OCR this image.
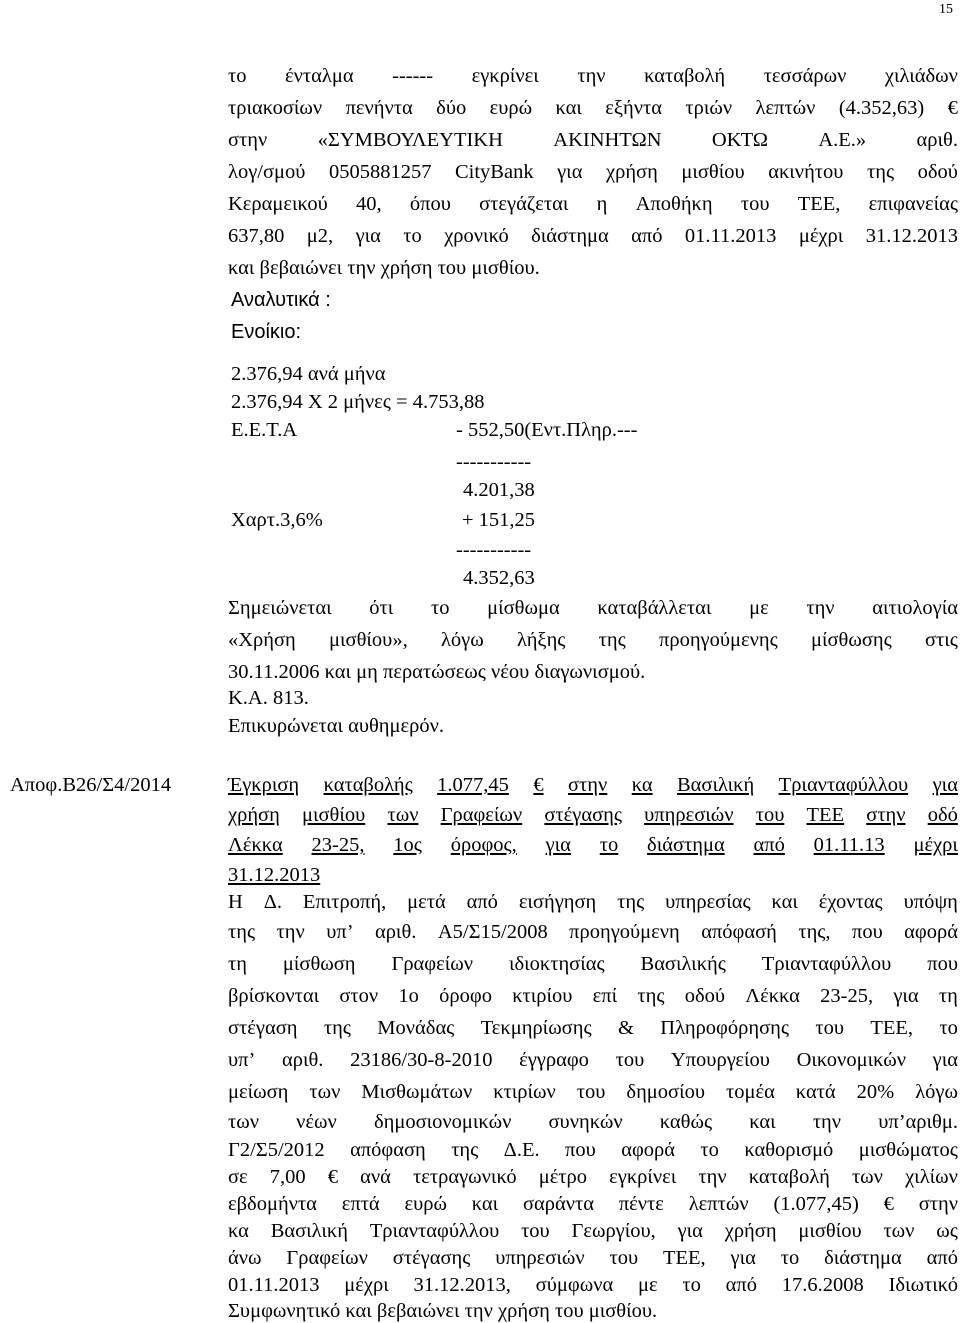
15
το ένταλμα ------ εγκρίνει την καταβολή τεσσάρων χιλιάδων
τριακοσίων πενήντα δύο ευρώ και εξήντα τριών λεπτών (4.352,63) €
στην «ΣΥΜΒΟΥΛΕΥΤΙΚΗ ΑΚΙΝΗΤΩΝ ΟΚΤΩ Α.Ε.» αριθ.
λογ/σμού 0505881257 CityBank για χρήση μισθίου ακινήτου της οδού
Κεραμεικού 40, όπου στεγάζεται η Αποθήκη του ΤΕΕ, επιφανείας
637,80 μ2, για το χρονικό διάστημα από 01.11.2013 μέχρι 31.12.2013
και βεβαιώνει την χρήση του μισθίου.
Αναλυτικά :
Ενοίκιο:
2.376,94 ανά μήνα
2.376,94 Χ 2 μήνες = 4.753,88
Ε.Ε.Τ.Α	- 552,50(Εντ.Πληρ.---
-----------
4.201,38
Χαρτ.3,6%	+ 151,25
-----------
4.352,63
Σημειώνεται ότι το μίσθωμα καταβάλλεται με την αιτιολογία
«Χρήση μισθίου», λόγω λήξης της προηγούμενης μίσθωσης στις
30.11.2006 και μη περατώσεως νέου διαγωνισμού.
Κ.Α. 813.
Επικυρώνεται αυθημερόν.
Αποφ.Β26/Σ4/2014	Έγκριση καταβολής 1.077,45 € στην κα Βασιλική Τριανταφύλλου για
χρήση μισθίου των Γραφείων στέγασης υπηρεσιών του ΤΕΕ στην οδό
Λέκκα 23-25, 1ος όροφος, για το διάστημα από 01.11.13 μέχρι
31.12.2013
Η Δ. Επιτροπή, μετά από εισήγηση της υπηρεσίας και έχοντας υπόψη
της την υπ’ αριθ. Α5/Σ15/2008 προηγούμενη απόφασή της, που αφορά
τη μίσθωση Γραφείων ιδιοκτησίας Βασιλικής Τριανταφύλλου που
βρίσκονται στον 1ο όροφο κτιρίου επί της οδού Λέκκα 23-25, για τη
στέγαση της Μονάδας Τεκμηρίωσης & Πληροφόρησης του ΤΕΕ, το
υπ’ αριθ. 23186/30-8-2010 έγγραφο του Υπουργείου Οικονομικών για
μείωση των Μισθωμάτων κτιρίων του δημοσίου τομέα κατά 20% λόγω
των νέων δημοσιονομικών συνηκών καθώς και την υπ’αριθμ.
Γ2/Σ5/2012 απόφαση της Δ.Ε. που αφορά το καθορισμό μισθώματος
σε 7,00 € ανά τετραγωνικό μέτρο εγκρίνει την καταβολή των χιλίων
εβδομήντα επτά ευρώ και σαράντα πέντε λεπτών (1.077,45) € στην
κα Βασιλική Τριανταφύλλου του Γεωργίου, για χρήση μισθίου των ως
άνω Γραφείων στέγασης υπηρεσιών του ΤΕΕ, για το διάστημα από
01.11.2013 μέχρι 31.12.2013, σύμφωνα με το από 17.6.2008 Ιδιωτικό
Συμφωνητικό και βεβαιώνει την χρήση του μισθίου.
